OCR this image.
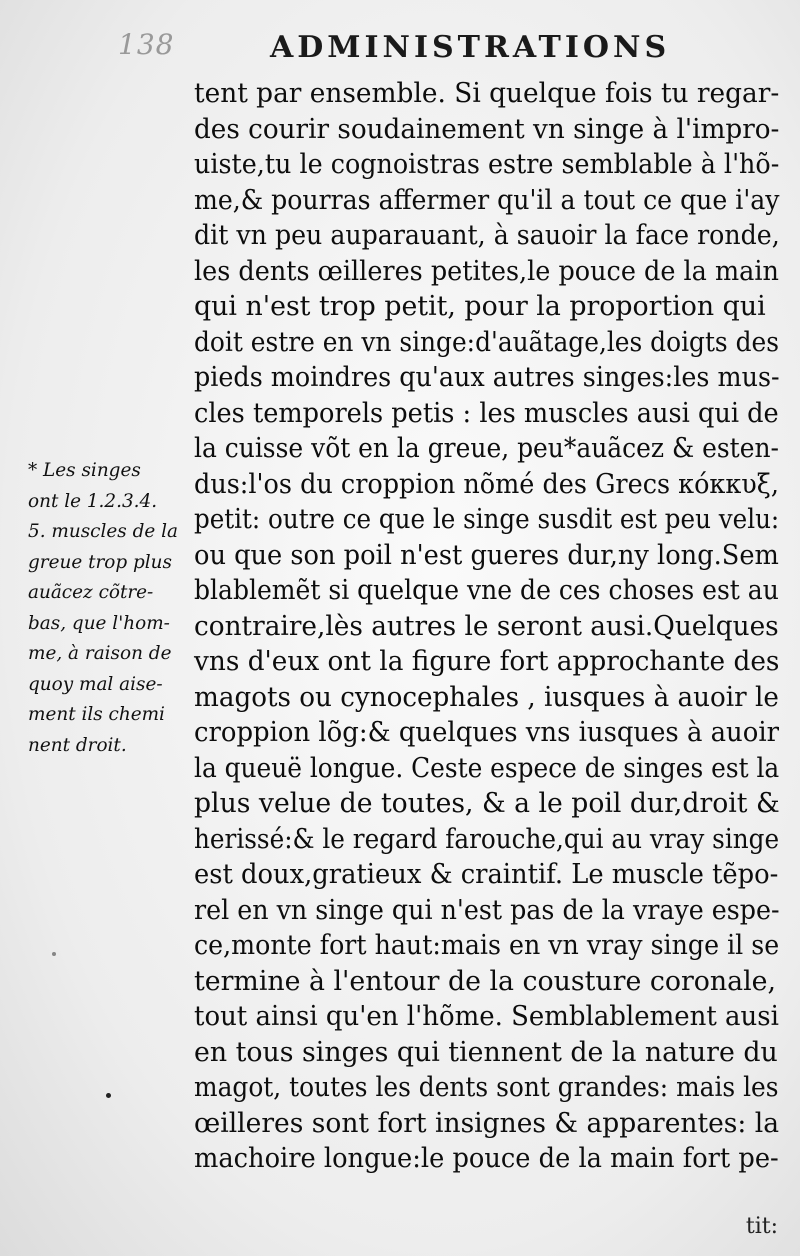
138	ADMINISTRATIONS
* Les singes
ont le 1.2.3.4.
5. muscles de la
greue trop plus
auãcez cõtre-
bas, que l'hom-
me, à raison de
quoy mal aise-
ment ils chemi
nent droit.
tent par ensemble. Si quelque fois tu regar-
des courir soudainement vn singe à l'impro-
uiste,tu le cognoistras estre semblable à l'hõ-
me,& pourras affermer qu'il a tout ce que i'ay
dit vn peu auparauant, à sauoir la face ronde,
les dents œilleres petites,le pouce de la main
qui n'est trop petit, pour la proportion qui
doit estre en vn singe:d'auãtage,les doigts des
pieds moindres qu'aux autres singes:les mus-
cles temporels petis : les muscles ausi qui de
la cuisse võt en la greue, peu*auãcez & esten-
dus:l'os du croppion nõmé des Grecs κόκκυξ,
petit: outre ce que le singe susdit est peu velu:
ou que son poil n'est gueres dur,ny long.Sem
blablemẽt si quelque vne de ces choses est au
contraire,lès autres le seront ausi.Quelques
vns d'eux ont la figure fort approchante des
magots ou cynocephales , iusques à auoir le
croppion lõg:& quelques vns iusques à auoir
la queuë longue. Ceste espece de singes est la
plus velue de toutes, & a le poil dur,droit &
herissé:& le regard farouche,qui au vray singe
est doux,gratieux & craintif. Le muscle tẽpo-
rel en vn singe qui n'est pas de la vraye espe-
ce,monte fort haut:mais en vn vray singe il se
termine à l'entour de la cousture coronale,
tout ainsi qu'en l'hõme. Semblablement ausi
en tous singes qui tiennent de la nature du
magot, toutes les dents sont grandes: mais les
œilleres sont fort insignes & apparentes: la
machoire longue:le pouce de la main fort pe-
tit:
